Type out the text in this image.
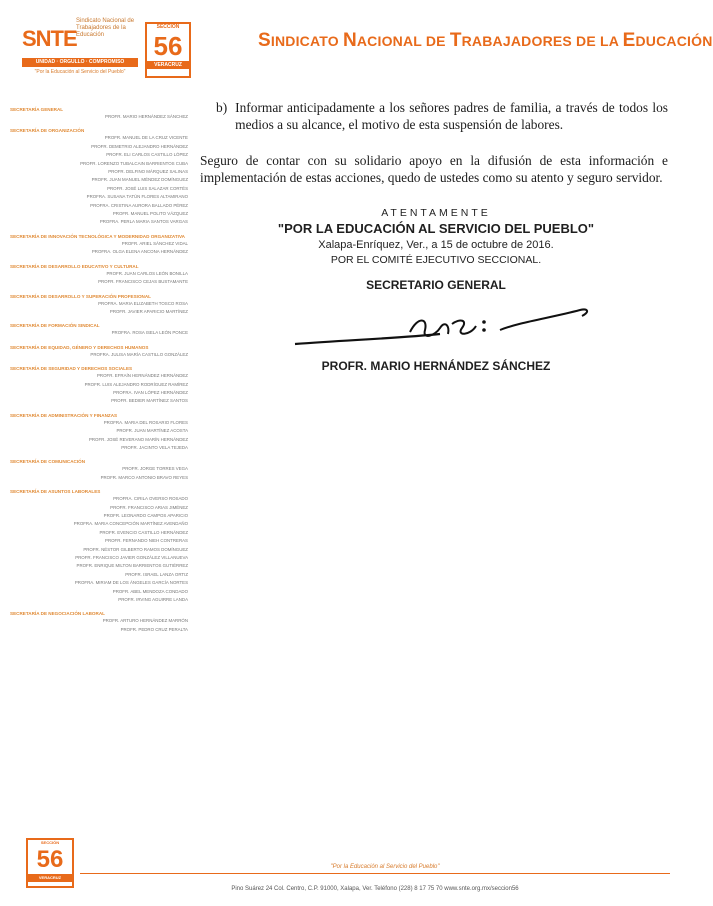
SNTE
Sindicato Nacional de Trabajadores de la Educación
UNIDAD · ORGULLO · COMPROMISO
"Por la Educación al Servicio del Pueblo"
SECCIÓN
56
VERACRUZ
SINDICATO NACIONAL DE TRABAJADORES DE LA EDUCACIÓN
SECRETARÍA GENERAL
PROFR. MARIO HERNÁNDEZ SÁNCHEZ
SECRETARÍA DE ORGANIZACIÓN
PROFR. MANUEL DE LA CRUZ VICENTE
PROFR. DEMETRIO ALEJANDRO HERNÁNDEZ
PROFR. ELI CARLOS CASTILLO LÓPEZ
PROFR. LORENZO TUBALCAIN BARRIENTOS CUBA
PROFR. DELFINO MÁRQUEZ SALINAS
PROFR. JUAN MANUEL MÉNDEZ DOMÍNGUEZ
PROFR. JOSÉ LUIS SALAZAR CORTÉS
PROFRA. SUSANA TATÚN FLORES ALTAMIRANO
PROFRA. CRISTINA AURORA BALLADO PÉREZ
PROFR. MANUEL POLITO VÁZQUEZ
PROFRA. PERLA MARIA SANTOS VARGAS
SECRETARÍA DE INNOVACIÓN TECNOLÓGICA Y MODERNIDAD ORGANIZATIVA
PROFR. ARIEL SÁNCHEZ VIDAL
PROFRA. OLGA ELENA ANCONA HERNÁNDEZ
SECRETARÍA DE DESARROLLO EDUCATIVO Y CULTURAL
PROFR. JUAN CARLOS LEÓN BONILLA
PROFR. FRANCISCO CEJAS BUSTAMANTE
SECRETARÍA DE DESARROLLO Y SUPERACIÓN PROFESIONAL
PROFRA. MARIA ELIZABETH TOSCO ROSA
PROFR. JAVIER APARICIO MARTÍNEZ
SECRETARÍA DE FORMACIÓN SINDICAL
PROFRA. ROSA ISELA LEÓN PONCE
SECRETARÍA DE EQUIDAD, GÉNERO Y DERECHOS HUMANOS
PROFRA. JULISA MARÍA CASTILLO GONZÁLEZ
SECRETARÍA DE SEGURIDAD Y DERECHOS SOCIALES
PROFR. EFRAÍN HERNÁNDEZ HERNÁNDEZ
PROFR. LUIS ALEJANDRO RODRÍGUEZ RAMÍREZ
PROFRA. IVAN LÓPEZ HERNÁNDEZ
PROFR. BEDIER MARTÍNEZ SANTOS
SECRETARÍA DE ADMINISTRACIÓN Y FINANZAS
PROFRA. MARIA DEL ROSARIO FLORES
PROFR. JUAN MARTÍNEZ ACOSTA
PROFR. JOSÉ REVERANO MARÍN HERNÁNDEZ
PROFR. JACINTO VELA TEJEDA
SECRETARÍA DE COMUNICACIÓN
PROFR. JORGE TORRES VEGA
PROFR. MARCO ANTONIO BRAVO REYES
SECRETARÍA DE ASUNTOS LABORALES
PROFRA. CIRILA OVERSO ROSADO
PROFR. FRANCISCO ARIAS JIMÉNEZ
PROFR. LEONARDO CAMPOS APARICIO
PROFRA. MARIA CONCEPCIÓN MARTÍNEZ AVENDAÑO
PROFR. EVENCIO CASTILLO HERNÁNDEZ
PROFR. FERNANDO NIEH CONTRERAS
PROFR. NÉSTOR GILBERTO RAMOS DOMÍNGUEZ
PROFR. FRANCISCO JAVIER GONZÁLEZ VILLANUEVA
PROFR. ENRIQUE MILTON BARRIENTOS GUTIÉRREZ
PROFR. ISRAEL LANZA ORTIZ
PROFRA. MIRIAM DE LOS ÁNGELES GARCÍA NORTES
PROFR. ABEL MENDOZA CONDADO
PROFR. IRVING AGUIRRE LANDA
SECRETARÍA DE NEGOCIACIÓN LABORAL
PROFR. ARTURO HERNÁNDEZ MARRÓN
PROFR. PEDRO CRUZ PERALTA
b) Informar anticipadamente a los señores padres de familia, a través de todos los medios a su alcance, el motivo de esta suspensión de labores.
Seguro de contar con su solidario apoyo en la difusión de esta información e implementación de estas acciones, quedo de ustedes como su atento y seguro servidor.
ATENTAMENTE
"POR LA EDUCACIÓN AL SERVICIO DEL PUEBLO"
Xalapa-Enríquez, Ver., a 15 de octubre de 2016.
POR EL COMITÉ EJECUTIVO SECCIONAL.
SECRETARIO GENERAL
PROFR. MARIO HERNÁNDEZ SÁNCHEZ
SECCIÓN
56
VERACRUZ
"Por la Educación al Servicio del Pueblo"
Pino Suárez 24 Col. Centro, C.P. 91000, Xalapa, Ver. Teléfono (228) 8 17 75 70 www.snte.org.mx/seccion56
